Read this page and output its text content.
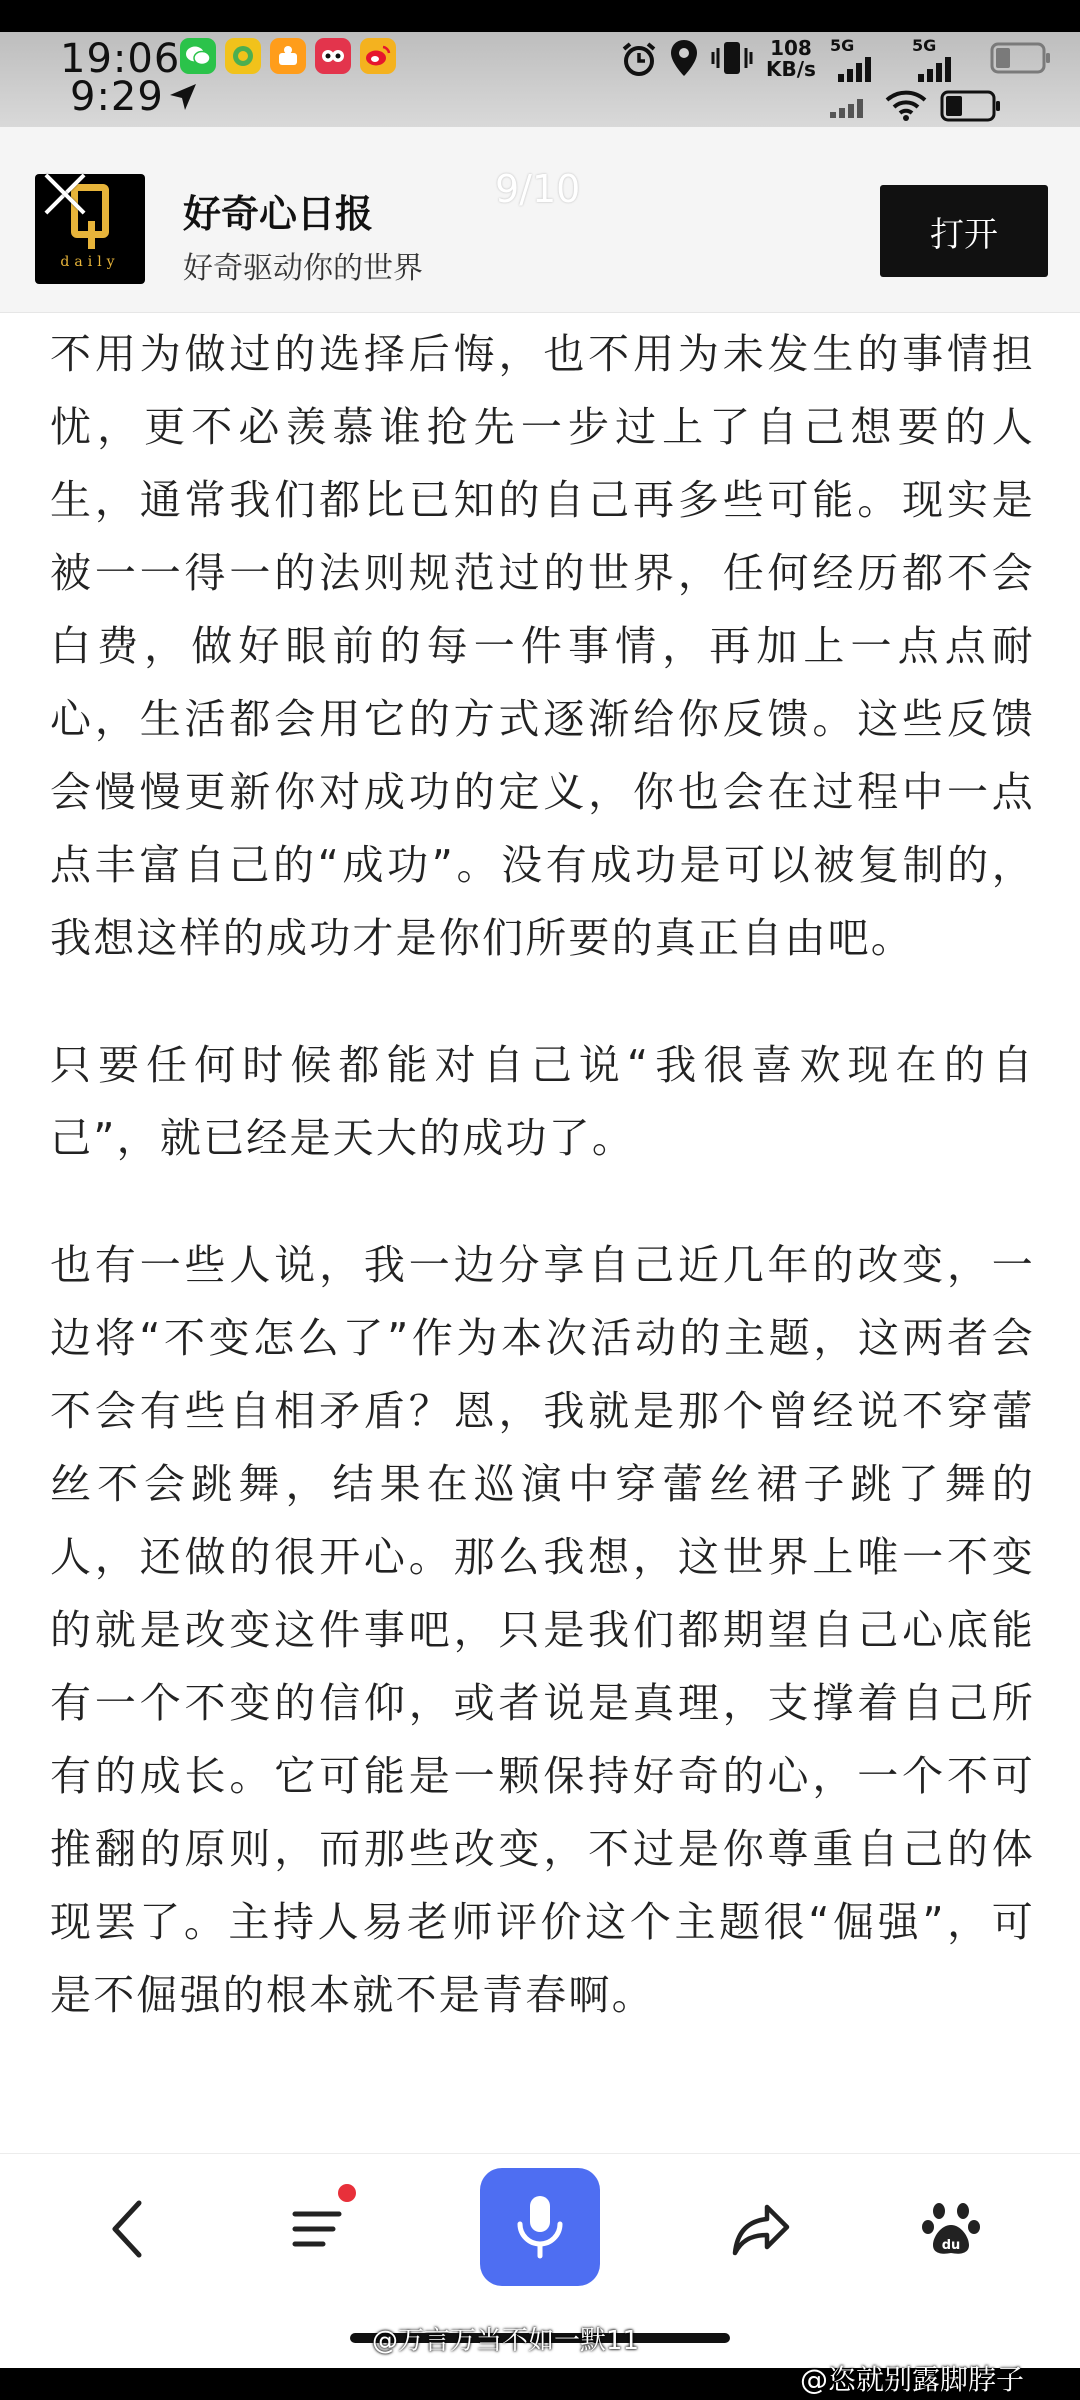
19:06
9:29
108
KB/s
5G	5G
daily
好奇心日报
好奇驱动你的世界
9/10
打开

不用为做过的选择后悔，也不用为未发生的事情担忧，更不必羡慕谁抢先一步过上了自己想要的人生，通常我们都比已知的自己再多些可能。现实是被一一得一的法则规范过的世界，任何经历都不会白费，做好眼前的每一件事情，再加上一点点耐心，生活都会用它的方式逐渐给你反馈。这些反馈会慢慢更新你对成功的定义，你也会在过程中一点点丰富自己的“成功”。没有成功是可以被复制的，我想这样的成功才是你们所要的真正自由吧。

只要任何时候都能对自己说“我很喜欢现在的自己”，就已经是天大的成功了。

也有一些人说，我一边分享自己近几年的改变，一边将“不变怎么了”作为本次活动的主题，这两者会不会有些自相矛盾？恩，我就是那个曾经说不穿蕾丝不会跳舞，结果在巡演中穿蕾丝裙子跳了舞的人，还做的很开心。那么我想，这世界上唯一不变的就是改变这件事吧，只是我们都期望自己心底能有一个不变的信仰，或者说是真理，支撑着自己所有的成长。它可能是一颗保持好奇的心，一个不可推翻的原则，而那些改变，不过是你尊重自己的体现罢了。主持人易老师评价这个主题很“倔强”，可是不倔强的根本就不是青春啊。

du
@万言万当不如一默11
@恣就别露脚脖子
